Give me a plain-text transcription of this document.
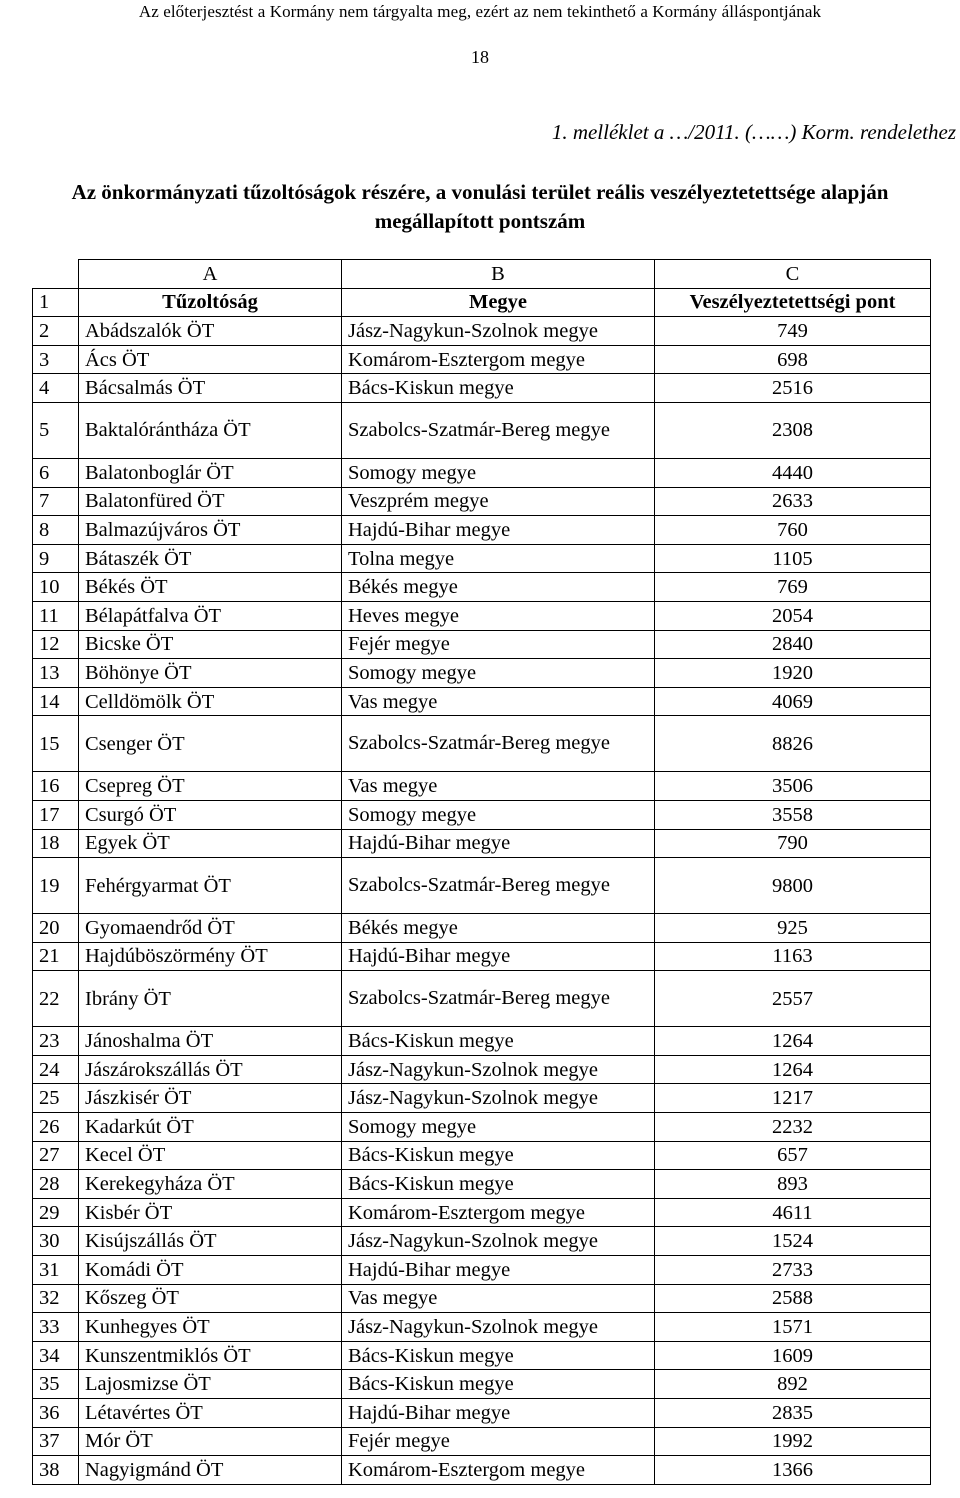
Az előterjesztést a Kormány nem tárgyalta meg, ezért az nem tekinthető a Kormány álláspontjának
18
1. melléklet a …/2011. (……) Korm. rendelethez
Az önkormányzati tűzoltóságok részére, a vonulási terület reális veszélyeztetettsége alapján
megállapított pontszám
	A	B	C
1	Tűzoltóság	Megye	Veszélyeztetettségi pont
2	Abádszalók ÖT	Jász-Nagykun-Szolnok megye	749
3	Ács ÖT	Komárom-Esztergom megye	698
4	Bácsalmás ÖT	Bács-Kiskun megye	2516
5	Baktalórántháza ÖT	Szabolcs-Szatmár-Bereg megye	2308
6	Balatonboglár ÖT	Somogy megye	4440
7	Balatonfüred ÖT	Veszprém megye	2633
8	Balmazújváros ÖT	Hajdú-Bihar megye	760
9	Bátaszék ÖT	Tolna megye	1105
10	Békés ÖT	Békés megye	769
11	Bélapátfalva ÖT	Heves megye	2054
12	Bicske ÖT	Fejér megye	2840
13	Böhönye ÖT	Somogy megye	1920
14	Celldömölk ÖT	Vas megye	4069
15	Csenger ÖT	Szabolcs-Szatmár-Bereg megye	8826
16	Csepreg ÖT	Vas megye	3506
17	Csurgó ÖT	Somogy megye	3558
18	Egyek ÖT	Hajdú-Bihar megye	790
19	Fehérgyarmat ÖT	Szabolcs-Szatmár-Bereg megye	9800
20	Gyomaendrőd ÖT	Békés megye	925
21	Hajdúböszörmény ÖT	Hajdú-Bihar megye	1163
22	Ibrány ÖT	Szabolcs-Szatmár-Bereg megye	2557
23	Jánoshalma ÖT	Bács-Kiskun megye	1264
24	Jászárokszállás ÖT	Jász-Nagykun-Szolnok megye	1264
25	Jászkisér ÖT	Jász-Nagykun-Szolnok megye	1217
26	Kadarkút ÖT	Somogy megye	2232
27	Kecel ÖT	Bács-Kiskun megye	657
28	Kerekegyháza ÖT	Bács-Kiskun megye	893
29	Kisbér ÖT	Komárom-Esztergom megye	4611
30	Kisújszállás ÖT	Jász-Nagykun-Szolnok megye	1524
31	Komádi ÖT	Hajdú-Bihar megye	2733
32	Kőszeg ÖT	Vas megye	2588
33	Kunhegyes ÖT	Jász-Nagykun-Szolnok megye	1571
34	Kunszentmiklós ÖT	Bács-Kiskun megye	1609
35	Lajosmizse ÖT	Bács-Kiskun megye	892
36	Létavértes ÖT	Hajdú-Bihar megye	2835
37	Mór ÖT	Fejér megye	1992
38	Nagyigmánd ÖT	Komárom-Esztergom megye	1366
